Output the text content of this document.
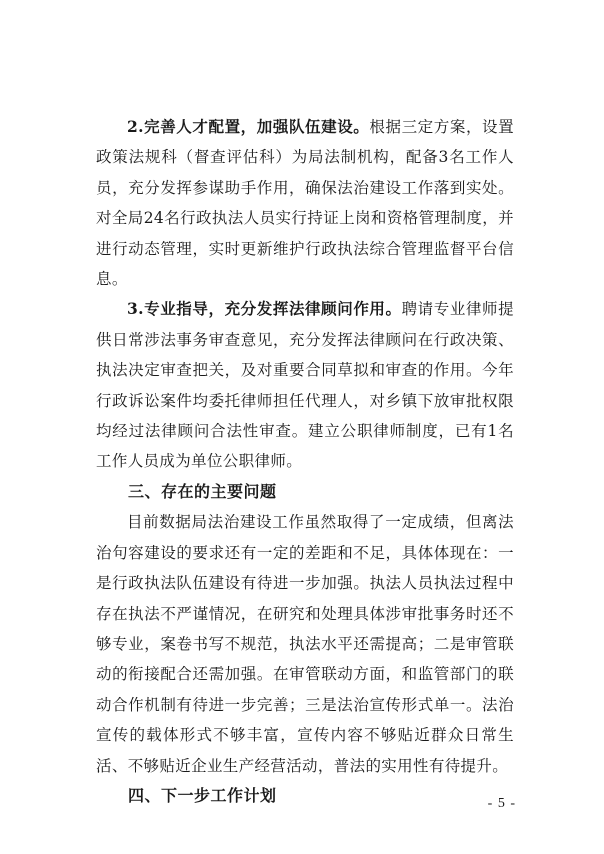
2.完善人才配置，加强队伍建设。根据三定方案，设置政策法规科（督查评估科）为局法制机构，配备3名工作人员，充分发挥参谋助手作用，确保法治建设工作落到实处。对全局24名行政执法人员实行持证上岗和资格管理制度，并进行动态管理，实时更新维护行政执法综合管理监督平台信息。

3.专业指导，充分发挥法律顾问作用。聘请专业律师提供日常涉法事务审查意见，充分发挥法律顾问在行政决策、执法决定审查把关，及对重要合同草拟和审查的作用。今年行政诉讼案件均委托律师担任代理人，对乡镇下放审批权限均经过法律顾问合法性审查。建立公职律师制度，已有1名工作人员成为单位公职律师。

三、存在的主要问题

目前数据局法治建设工作虽然取得了一定成绩，但离法治句容建设的要求还有一定的差距和不足，具体体现在：一是行政执法队伍建设有待进一步加强。执法人员执法过程中存在执法不严谨情况，在研究和处理具体涉审批事务时还不够专业，案卷书写不规范，执法水平还需提高；二是审管联动的衔接配合还需加强。在审管联动方面，和监管部门的联动合作机制有待进一步完善；三是法治宣传形式单一。法治宣传的载体形式不够丰富，宣传内容不够贴近群众日常生活、不够贴近企业生产经营活动，普法的实用性有待提升。

四、下一步工作计划	- 5 -
